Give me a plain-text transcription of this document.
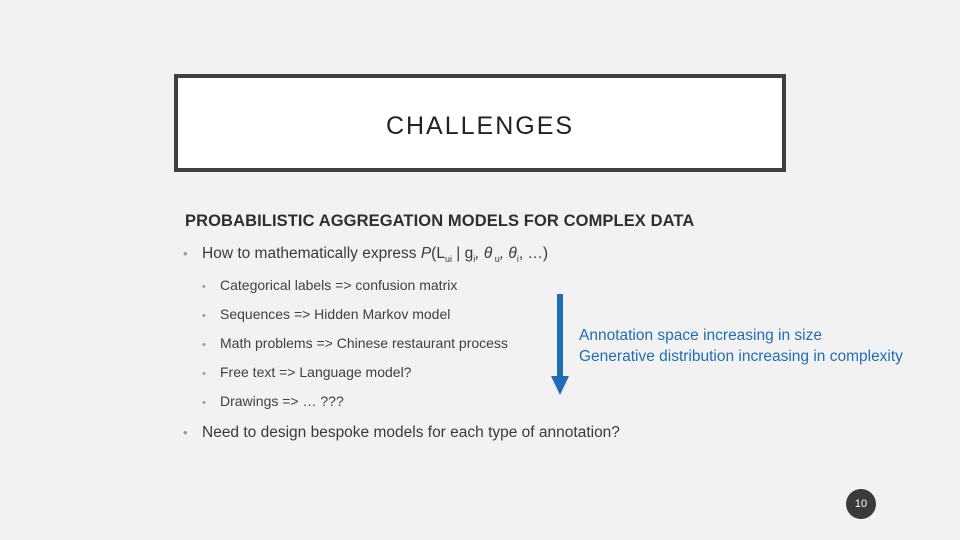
CHALLENGES
PROBABILISTIC AGGREGATION MODELS FOR COMPLEX DATA
• How to mathematically express $P(L_{ui}$ | $g_i$, θ $_u$, $\theta_i$, …)
• Categorical labels => confusion matrix
• Sequences => Hidden Markov model
• Math problems => Chinese restaurant process
• Free text => Language model?
• Drawings => … ???
• Need to design bespoke models for each type of annotation?
Annotation space increasing in size
Generative distribution increasing in complexity
10
